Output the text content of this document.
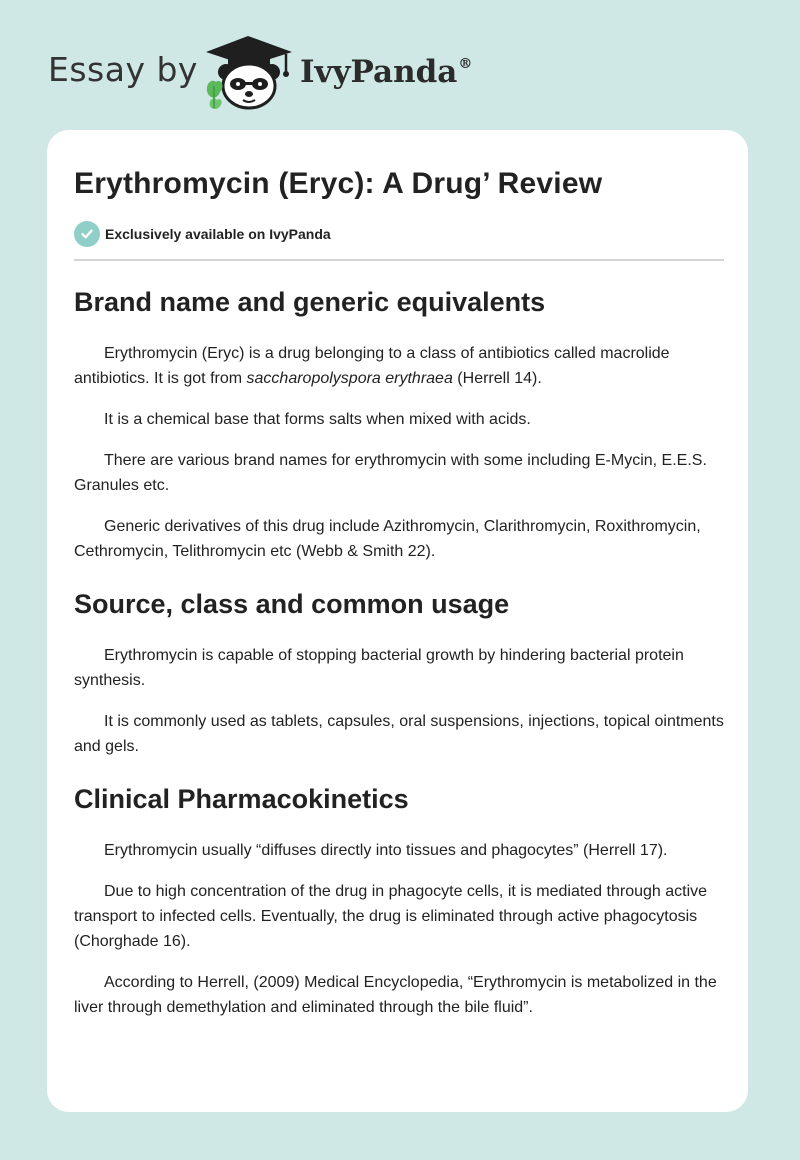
Essay by	IvyPanda®
Erythromycin (Eryc): A Drug’ Review
Exclusively available on IvyPanda
Brand name and generic equivalents

Erythromycin (Eryc) is a drug belonging to a class of antibiotics called macrolide antibiotics. It is got from saccharopolyspora erythraea (Herrell 14).

It is a chemical base that forms salts when mixed with acids.

There are various brand names for erythromycin with some including E-Mycin, E.E.S. Granules etc.

Generic derivatives of this drug include Azithromycin, Clarithromycin, Roxithromycin, Cethromycin, Telithromycin etc (Webb & Smith 22).

Source, class and common usage

Erythromycin is capable of stopping bacterial growth by hindering bacterial protein synthesis.

It is commonly used as tablets, capsules, oral suspensions, injections, topical ointments and gels.

Clinical Pharmacokinetics

Erythromycin usually “diffuses directly into tissues and phagocytes” (Herrell 17).

Due to high concentration of the drug in phagocyte cells, it is mediated through active transport to infected cells. Eventually, the drug is eliminated through active phagocytosis (Chorghade 16).

According to Herrell, (2009) Medical Encyclopedia, “Erythromycin is metabolized in the liver through demethylation and eliminated through the bile fluid”.
